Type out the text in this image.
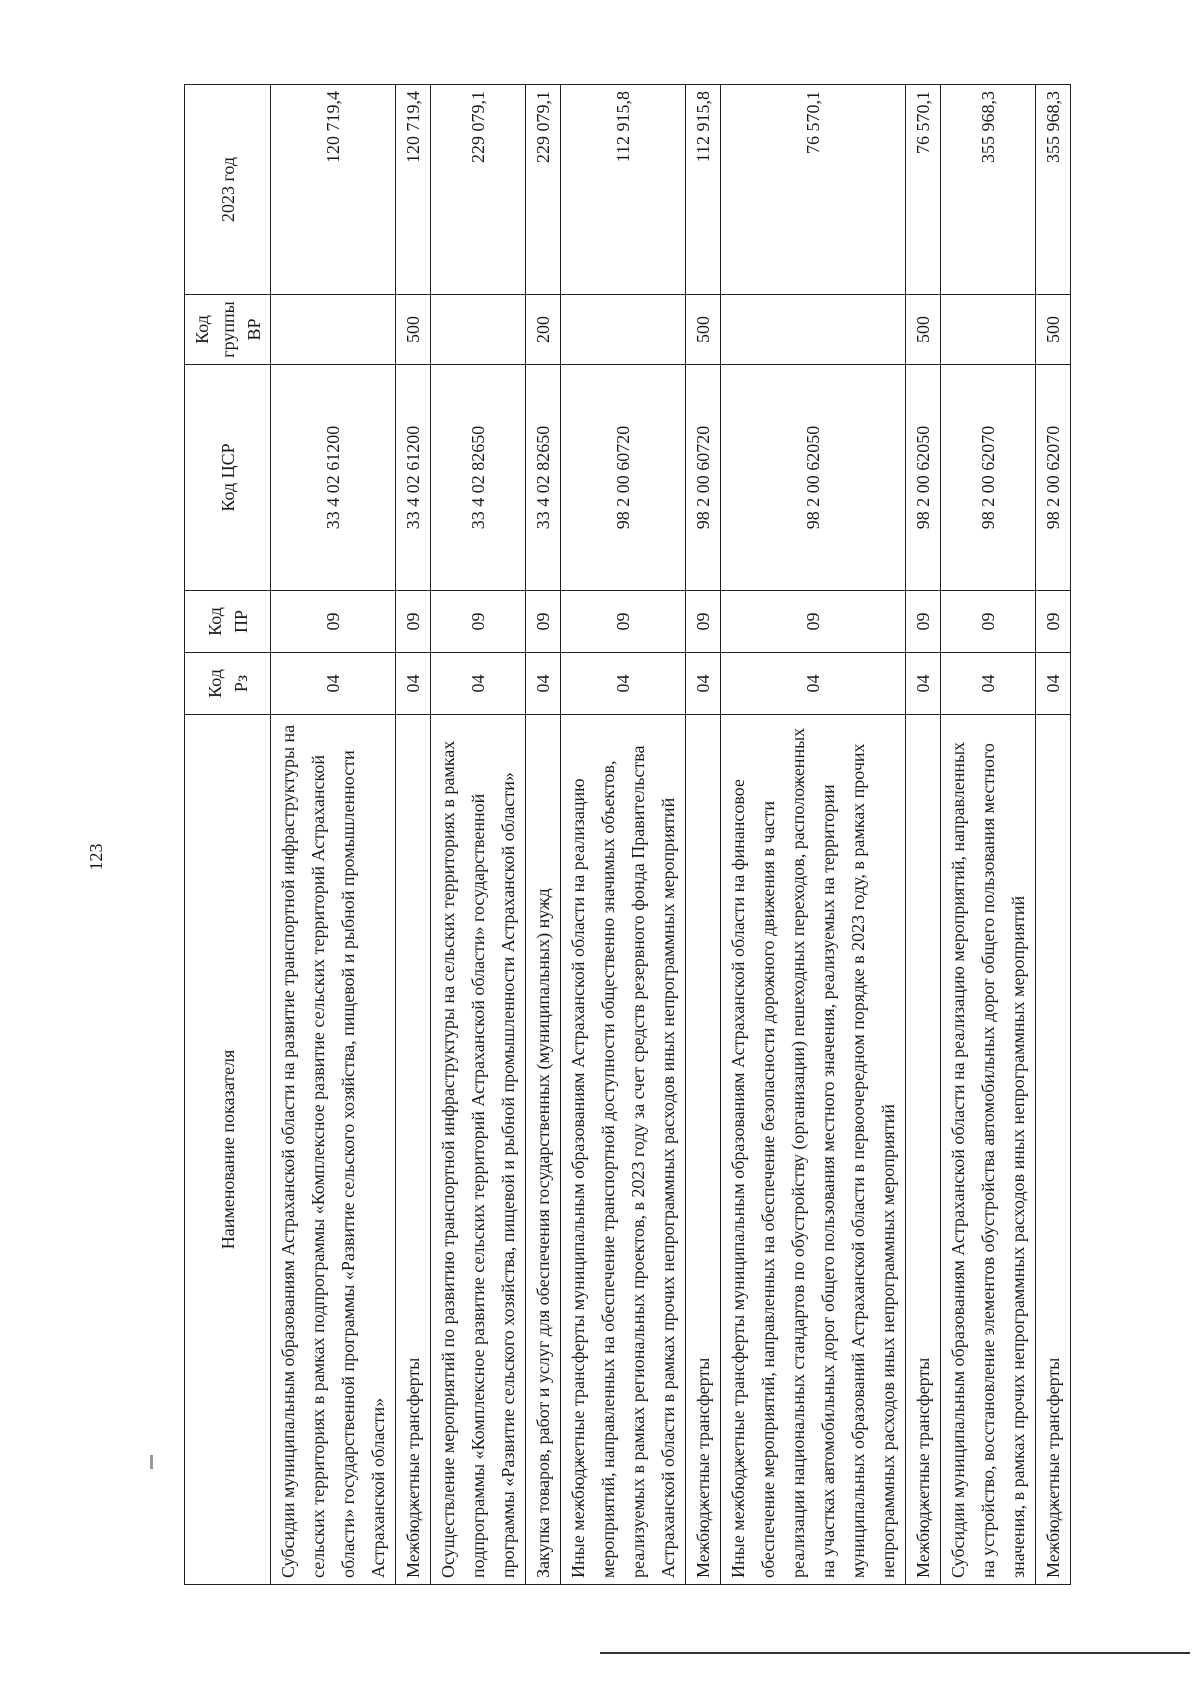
123
Наименование показателя	Код Рз	Код ПР	Код ЦСР	Код группы ВР	2023 год
Субсидии муниципальным образованиям Астраханской области на развитие транспортной инфраструктуры на сельских территориях в рамках подпрограммы «Комплексное развитие сельских территорий Астраханской области» государственной программы «Развитие сельского хозяйства, пищевой и рыбной промышленности Астраханской области»	04	09	33 4 02 61200		120 719,4
Межбюджетные трансферты	04	09	33 4 02 61200	500	120 719,4
Осуществление мероприятий по развитию транспортной инфраструктуры на сельских территориях в рамках подпрограммы «Комплексное развитие сельских территорий Астраханской области» государственной программы «Развитие сельского хозяйства, пищевой и рыбной промышленности Астраханской области»	04	09	33 4 02 82650		229 079,1
Закупка товаров, работ и услуг для обеспечения государственных (муниципальных) нужд	04	09	33 4 02 82650	200	229 079,1
Иные межбюджетные трансферты муниципальным образованиям Астраханской области на реализацию мероприятий, направленных на обеспечение транспортной доступности общественно значимых объектов, реализуемых в рамках региональных проектов, в 2023 году за счет средств резервного фонда Правительства Астраханской области в рамках прочих непрограммных расходов иных непрограммных мероприятий	04	09	98 2 00 60720		112 915,8
Межбюджетные трансферты	04	09	98 2 00 60720	500	112 915,8
Иные межбюджетные трансферты муниципальным образованиям Астраханской области на финансовое обеспечение мероприятий, направленных на обеспечение безопасности дорожного движения в части реализации национальных стандартов по обустройству (организации) пешеходных переходов, расположенных на участках автомобильных дорог общего пользования местного значения, реализуемых на территории муниципальных образований Астраханской области в первоочередном порядке в 2023 году, в рамках прочих непрограммных расходов иных непрограммных мероприятий	04	09	98 2 00 62050		76 570,1
Межбюджетные трансферты	04	09	98 2 00 62050	500	76 570,1
Субсидии муниципальным образованиям Астраханской области на реализацию мероприятий, направленных на устройство, восстановление элементов обустройства автомобильных дорог общего пользования местного значения, в рамках прочих непрограммных расходов иных непрограммных мероприятий	04	09	98 2 00 62070		355 968,3
Межбюджетные трансферты	04	09	98 2 00 62070	500	355 968,3
